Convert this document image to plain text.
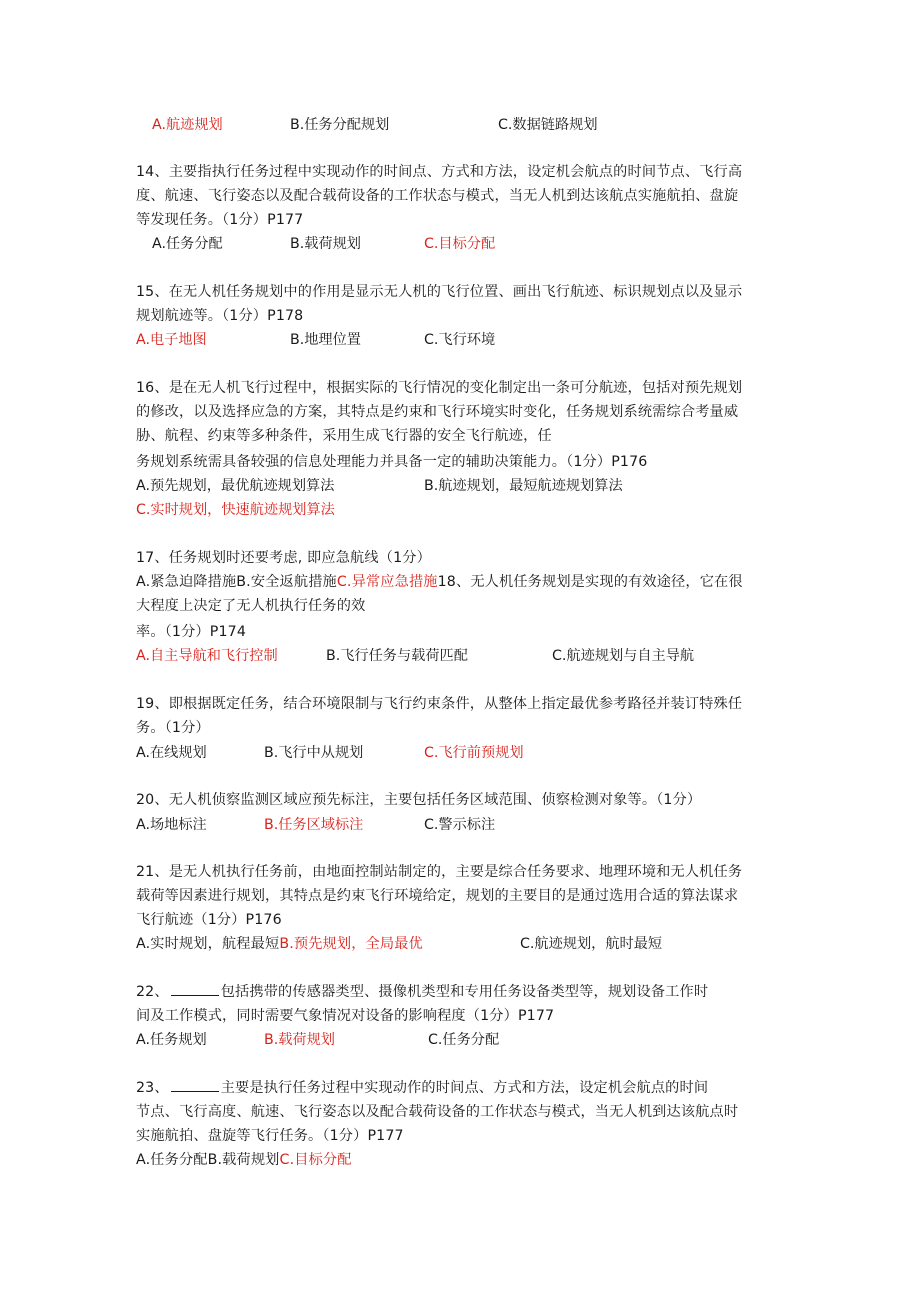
A.航迹规划	B.任务分配规划	C.数据链路规划
14、主要指执行任务过程中实现动作的时间点、方式和方法，设定机会航点的时间节点、飞行高
度、航速、飞行姿态以及配合载荷设备的工作状态与模式，当无人机到达该航点实施航拍、盘旋
等发现任务。（1分）P177
A.任务分配	B.载荷规划	C.目标分配
15、在无人机任务规划中的作用是显示无人机的飞行位置、画出飞行航迹、标识规划点以及显示
规划航迹等。（1分）P178
A.电子地图	B.地理位置	C.飞行环境
16、是在无人机飞行过程中，根据实际的飞行情况的变化制定出一条可分航迹，包括对预先规划
的修改，以及选择应急的方案，其特点是约束和飞行环境实时变化，任务规划系统需综合考量威
胁、航程、约束等多种条件，采用生成飞行器的安全飞行航迹，任
务规划系统需具备较强的信息处理能力并具备一定的辅助决策能力。（1分）P176
A.预先规划，最优航迹规划算法	B.航迹规划，最短航迹规划算法
C.实时规划，快速航迹规划算法
17、任务规划时还要考虑, 即应急航线（1分）
A.紧急迫降措施B.安全返航措施C.异常应急措施18、无人机任务规划是实现的有效途径，它在很
大程度上决定了无人机执行任务的效
率。（1分）P174
A.自主导航和飞行控制	B.飞行任务与载荷匹配	C.航迹规划与自主导航
19、即根据既定任务，结合环境限制与飞行约束条件，从整体上指定最优参考路径并装订特殊任
务。（1分）
A.在线规划	B.飞行中从规划	C.飞行前预规划
20、无人机侦察监测区域应预先标注，主要包括任务区域范围、侦察检测对象等。（1分）
A.场地标注	B.任务区域标注	C.警示标注
21、是无人机执行任务前，由地面控制站制定的，主要是综合任务要求、地理环境和无人机任务
载荷等因素进行规划，其特点是约束飞行环境给定，规划的主要目的是通过选用合适的算法谋求
飞行航迹（1分）P176
A.实时规划，航程最短B.预先规划，全局最优	C.航迹规划，航时最短
22、	包括携带的传感器类型、摄像机类型和专用任务设备类型等，规划设备工作时
间及工作模式，同时需要气象情况对设备的影响程度（1分）P177
A.任务规划	B.载荷规划	C.任务分配
23、	主要是执行任务过程中实现动作的时间点、方式和方法，设定机会航点的时间
节点、飞行高度、航速、飞行姿态以及配合载荷设备的工作状态与模式，当无人机到达该航点时
实施航拍、盘旋等飞行任务。（1分）P177
A.任务分配B.载荷规划C.目标分配
